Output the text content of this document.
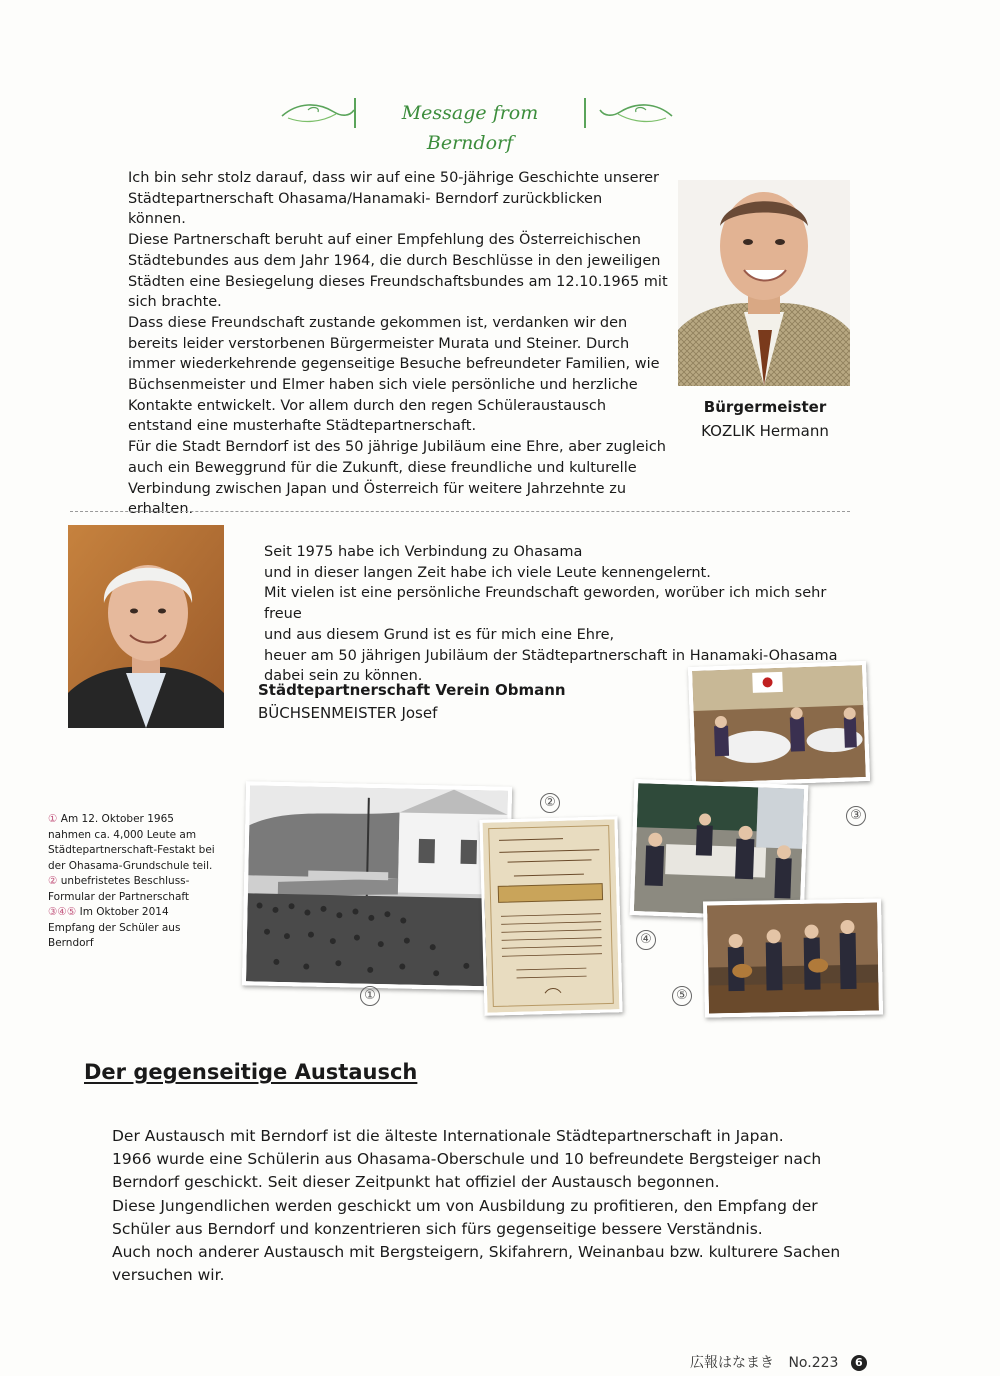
Message from Berndorf

Ich bin sehr stolz darauf, dass wir auf eine 50-jährige Geschichte unserer
Städtepartnerschaft Ohasama/Hanamaki- Berndorf zurückblicken
können.
Diese Partnerschaft beruht auf einer Empfehlung des Österreichischen
Städtebundes aus dem Jahr 1964, die durch Beschlüsse in den jeweiligen
Städten eine Besiegelung dieses Freundschaftsbundes am 12.10.1965 mit
sich brachte.
Dass diese Freundschaft zustande gekommen ist, verdanken wir den
bereits leider verstorbenen Bürgermeister Murata und Steiner. Durch
immer wiederkehrende gegenseitige Besuche befreundeter Familien, wie
Büchsenmeister und Elmer haben sich viele persönliche und herzliche
Kontakte entwickelt. Vor allem durch den regen Schüleraustausch
entstand eine musterhafte Städtepartnerschaft.
Für die Stadt Berndorf ist des 50 jährige Jubiläum eine Ehre, aber zugleich
auch ein Beweggrund für die Zukunft, diese freundliche und kulturelle
Verbindung zwischen Japan und Österreich für weitere Jahrzehnte zu erhalten.

Bürgermeister
KOZLIK Hermann

Seit 1975 habe ich Verbindung zu Ohasama
und in dieser langen Zeit habe ich viele Leute kennengelernt.
Mit vielen ist eine persönliche Freundschaft geworden, worüber ich mich sehr freue
und aus diesem Grund ist es für mich eine Ehre,
heuer am 50 jährigen Jubiläum der Städtepartnerschaft in Hanamaki-Ohasama
dabei sein zu können.

Städtepartnerschaft Verein Obmann
BÜCHSENMEISTER Josef
①
②
③
④
⑤
① Am 12. Oktober 1965
nahmen ca. 4,000 Leute am
Städtepartnerschaft-Festakt bei
der Ohasama-Grundschule teil.
② unbefristetes Beschluss-
Formular der Partnerschaft
③④⑤ Im Oktober 2014
Empfang der Schüler aus
Berndorf
Der gegenseitige Austausch
Der Austausch mit Berndorf ist die älteste Internationale Städtepartnerschaft in Japan.
1966 wurde eine Schülerin aus Ohasama-Oberschule und 10 befreundete Bergsteiger nach
Berndorf geschickt. Seit dieser Zeitpunkt hat offiziel der Austausch begonnen.
Diese Jungendlichen werden geschickt um von Ausbildung zu profitieren, den Empfang der
Schüler aus Berndorf und konzentrieren sich fürs gegenseitige bessere Verständnis.
Auch noch anderer Austausch mit Bergsteigern, Skifahrern, Weinanbau bzw. kulturere Sachen
versuchen wir.
広報はなまき No.223 6
